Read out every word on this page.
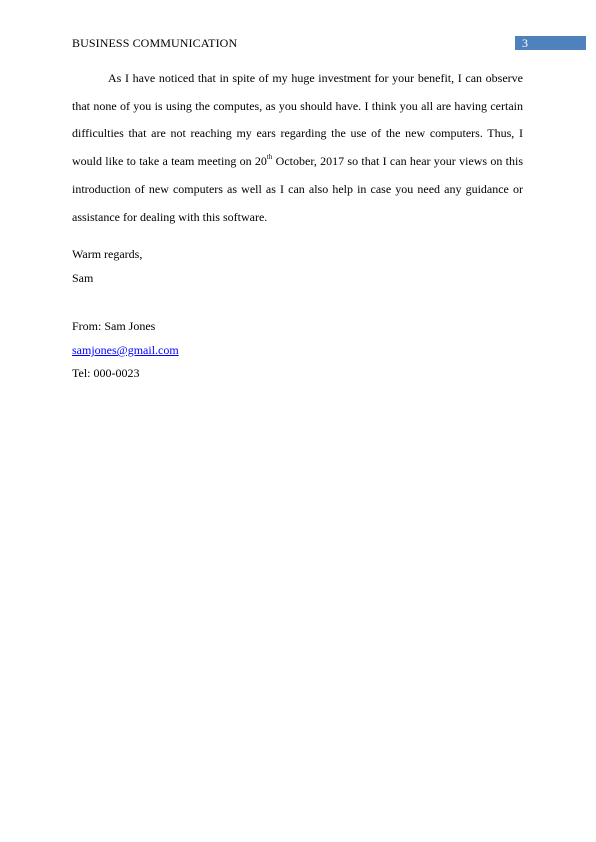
BUSINESS COMMUNICATION	3

As I have noticed that in spite of my huge investment for your benefit, I can observe that none of you is using the computes, as you should have. I think you all are having certain difficulties that are not reaching my ears regarding the use of the new computers. Thus, I would like to take a team meeting on 20th October, 2017 so that I can hear your views on this introduction of new computers as well as I can also help in case you need any guidance or assistance for dealing with this software.

Warm regards,
Sam
From: Sam Jones
samjones@gmail.com
Tel: 000-0023
